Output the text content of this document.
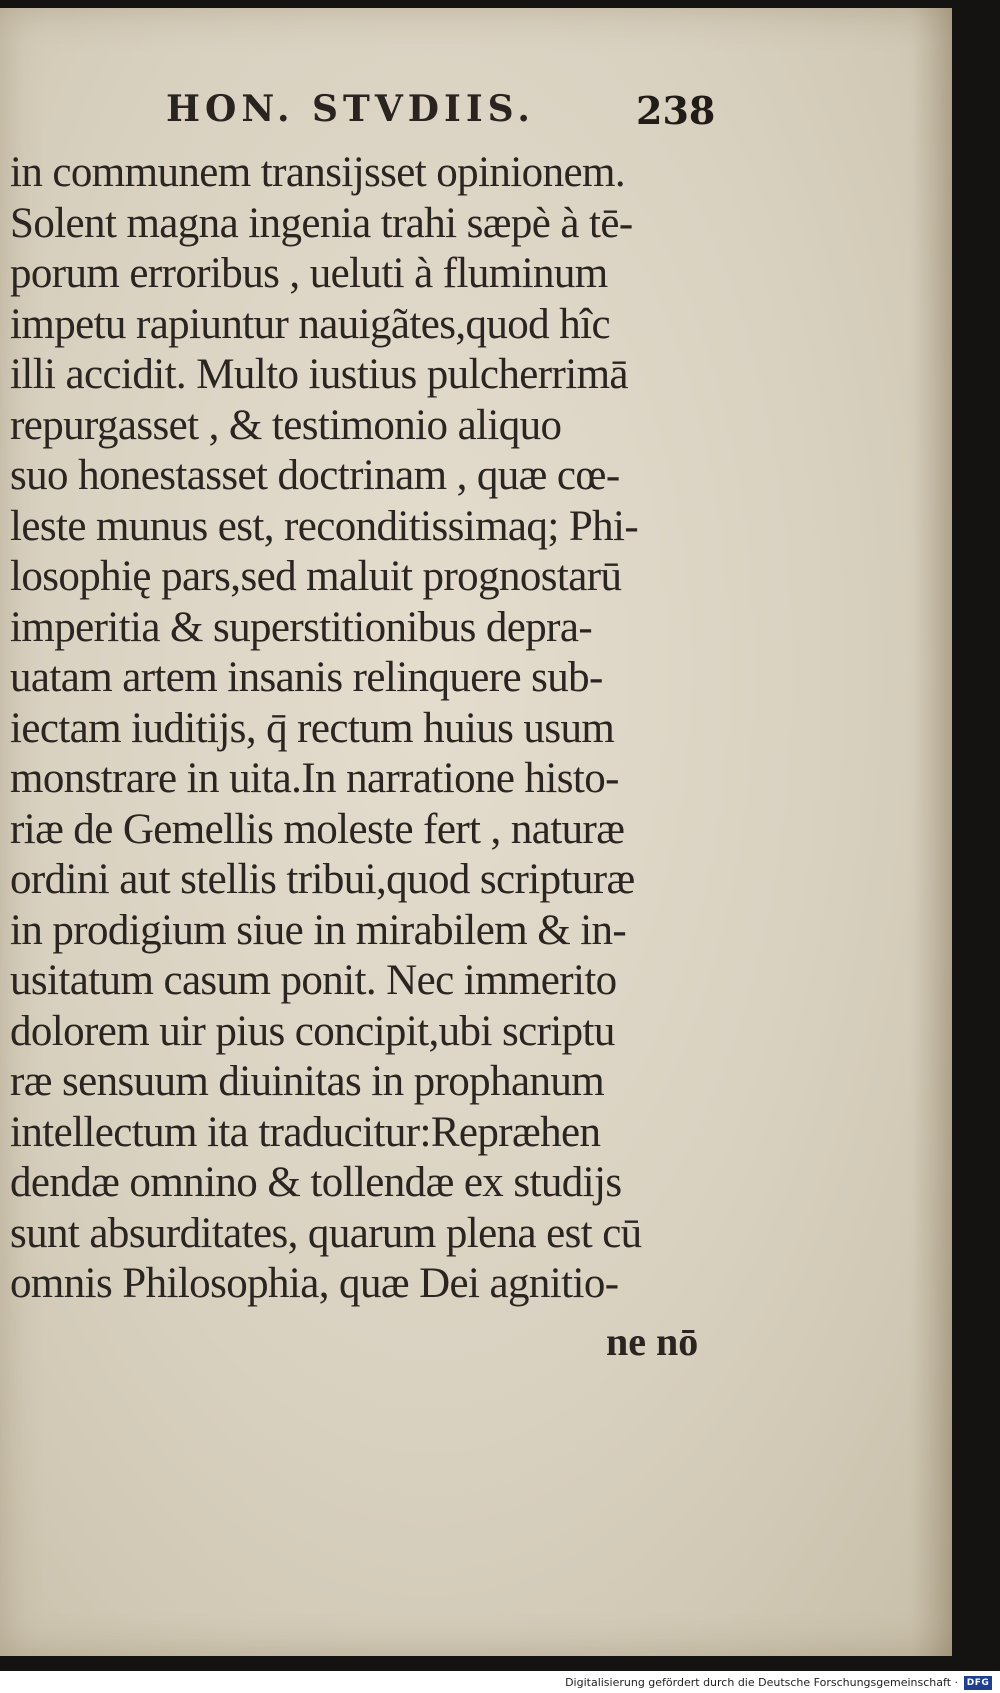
HON. STVDIIS.	238
in communem transijsset opinionem.
Solent magna ingenia trahi sæpè à tē-
porum erroribus , ueluti à fluminum
impetu rapiuntur nauigãtes,quod hîc
illi accidit. Multo iustius pulcherrimā
repurgasset , & testimonio aliquo
suo honestasset doctrinam , quæ cœ-
leste munus est, reconditissimaq; Phi-
losophię pars,sed maluit prognostarū
imperitia & superstitionibus depra-
uatam artem insanis relinquere sub-
iectam iuditijs, q̄ rectum huius usum
monstrare in uita.In narratione histo-
riæ de Gemellis moleste fert , naturæ
ordini aut stellis tribui,quod scripturæ
in prodigium siue in mirabilem & in-
usitatum casum ponit. Nec immerito
dolorem uir pius concipit,ubi scriptu
ræ sensuum diuinitas in prophanum
intellectum ita traducitur:Repræhen
dendæ omnino & tollendæ ex studijs
sunt absurditates, quarum plena est cū
omnis Philosophia, quæ Dei agnitio-
ne nō
Digitalisierung gefördert durch die Deutsche Forschungsgemeinschaft · DFG
